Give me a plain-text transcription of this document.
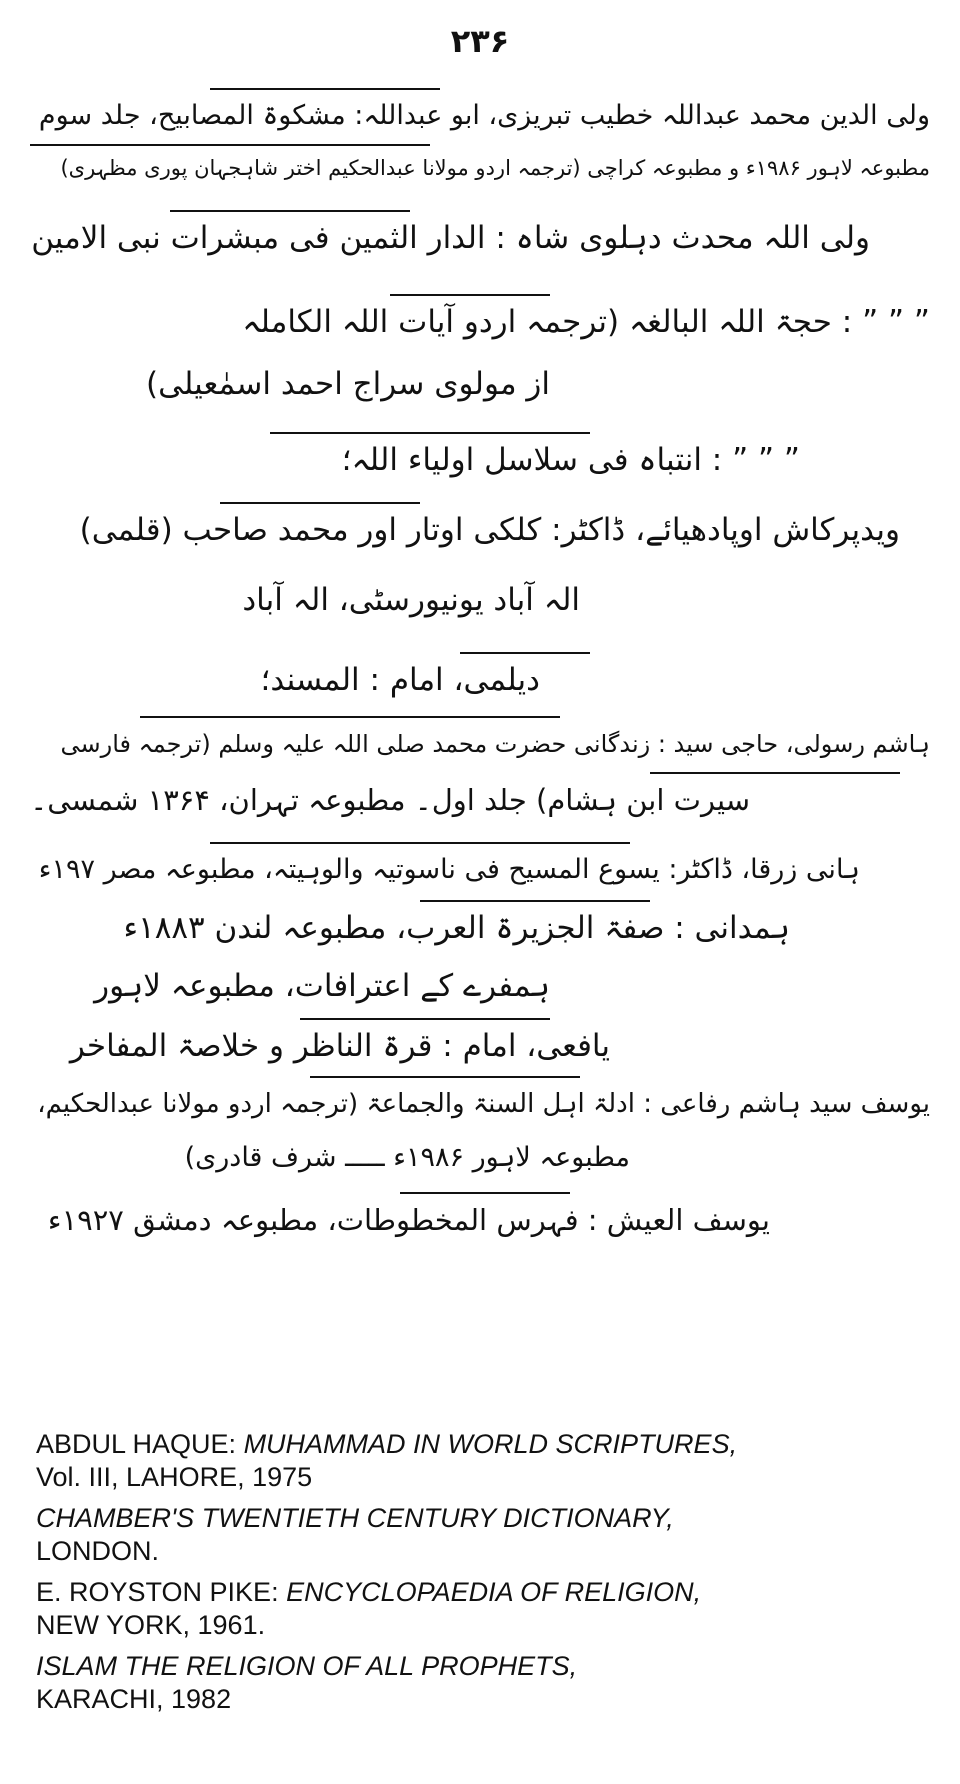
۲۳۶
ولی الدین محمد عبداللہ خطیب تبریزی، ابو عبداللہ: مشکوۃ المصابیح، جلد سوم
مطبوعہ لاہور ۱۹۸۶ء و مطبوعہ کراچی (ترجمہ اردو مولانا عبدالحکیم اختر شاہجہان پوری مظہری)
ولی اللہ محدث دہلوی شاہ : الدار الثمین فی مبشرات نبی الامین
” ” ” : حجۃ اللہ البالغہ (ترجمہ اردو آیات اللہ الکاملہ
از مولوی سراج احمد اسمٰعیلی)
” ” ” : انتباہ فی سلاسل اولیاء اللہ؛
ویدپرکاش اوپادھیائے، ڈاکٹر: کلکی اوتار اور محمد صاحب (قلمی)
الہ آباد یونیورسٹی، الہ آباد
دیلمی، امام : المسند؛
ہاشم رسولی، حاجی سید : زندگانی حضرت محمد صلی اللہ علیہ وسلم (ترجمہ فارسی
سیرت ابن ہشام) جلد اول۔ مطبوعہ تہران، ۱۳۶۴ شمسی۔
ہانی زرقا، ڈاکٹر: یسوع المسیح فی ناسوتیہ والوہیتہ، مطبوعہ مصر ۱۹۷ء
ہمدانی : صفۃ الجزیرۃ العرب، مطبوعہ لندن ۱۸۸۳ء
ہمفرے کے اعترافات، مطبوعہ لاہور
یافعی، امام : قرۃ الناظر و خلاصۃ المفاخر
یوسف سید ہاشم رفاعی : ادلۃ اہل السنۃ والجماعۃ (ترجمہ اردو مولانا عبدالحکیم،
مطبوعہ لاہور ۱۹۸۶ء ـــــ شرف قادری)
یوسف العیش : فہرس المخطوطات، مطبوعہ دمشق ۱۹۲۷ء
ABDUL HAQUE: MUHAMMAD IN WORLD SCRIPTURES,
Vol. III, LAHORE, 1975
CHAMBER'S TWENTIETH CENTURY DICTIONARY,
LONDON.
E. ROYSTON PIKE: ENCYCLOPAEDIA OF RELIGION,
NEW YORK, 1961.
ISLAM THE RELIGION OF ALL PROPHETS,
KARACHI, 1982
